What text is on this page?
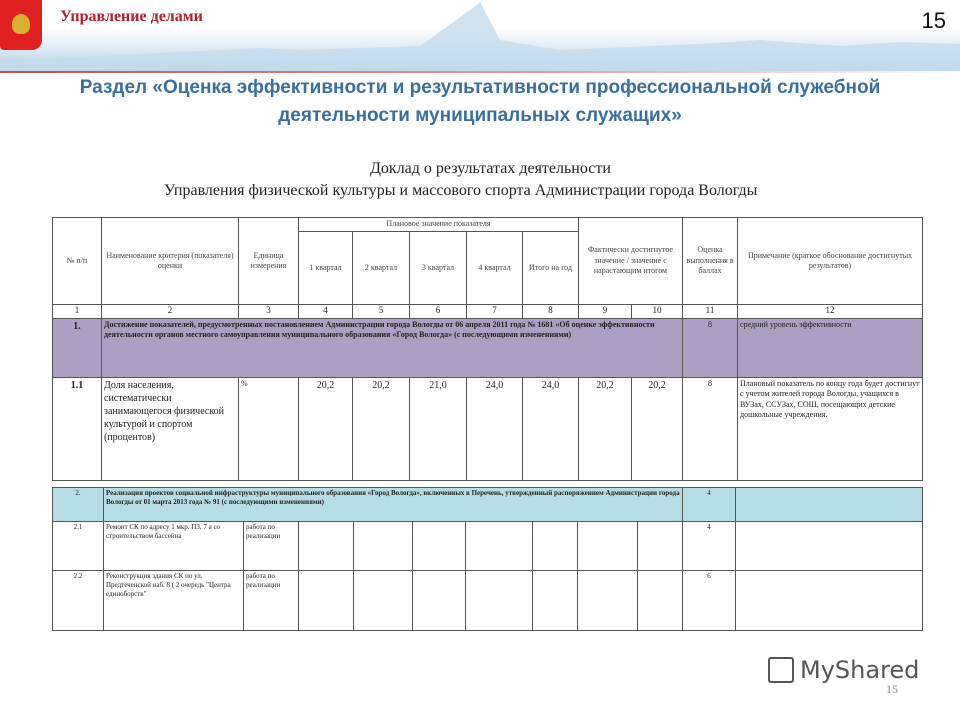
Управление делами	15
Раздел «Оценка эффективности и результативности профессиональной служебной деятельности муниципальных служащих»
Доклад о результатах деятельности
Управления физической культуры и массового спорта Администрации города Вологды
№ п/п	Наименование критерия (показателя) оценки	Единица измерения	Плановое значение показателя					Фактически достигнутое значение / значение с нарастающим итогом		Оценка выполнения в баллах	Примечание (краткое обоснование достигнутых результатов)
			1 квартал	2 квартал	3 квартал	4 квартал	Итого на год				
1	2	3	4	5	6	7	8	9	10	11	12
1.	Достижение показателей, предусмотренных постановлением Администрации города Вологды от 06 апреля 2011 года № 1681 «Об оценке эффективности деятельности органов местного самоуправления муниципального образования «Город Вологда» (с последующими изменениями)									8	средний уровень эффективности
1.1	Доля населения, систематически занимающегося физической культурой и спортом (процентов)	%	20,2	20,2	21,0	24,0	24,0	20,2	20,2	8	Плановый показатель по концу года будет достигнут с учетом жителей города Вологды, учащихся в ВУЗах, ССУЗах, СОШ, посещающих детские дошкольные учреждения.
2.	Реализация проектов социальной инфраструктуры муниципального образования «Город Вологда», включенных в Перечень, утвержденный распоряжением Администрации города Вологды от 01 марта 2013 года № 91 (с последующими изменениями)									4	
2.1	Ремонт СК по адресу 1 мкр. ПЗ, 7 а со строительством бассейна	работа по реализации								4	
2.2	Реконструкция здания СК по ул. Предтеченской наб. 8 ( 2 очередь "Центра единоборств"	работа по реализации								6	
MyShared
15
